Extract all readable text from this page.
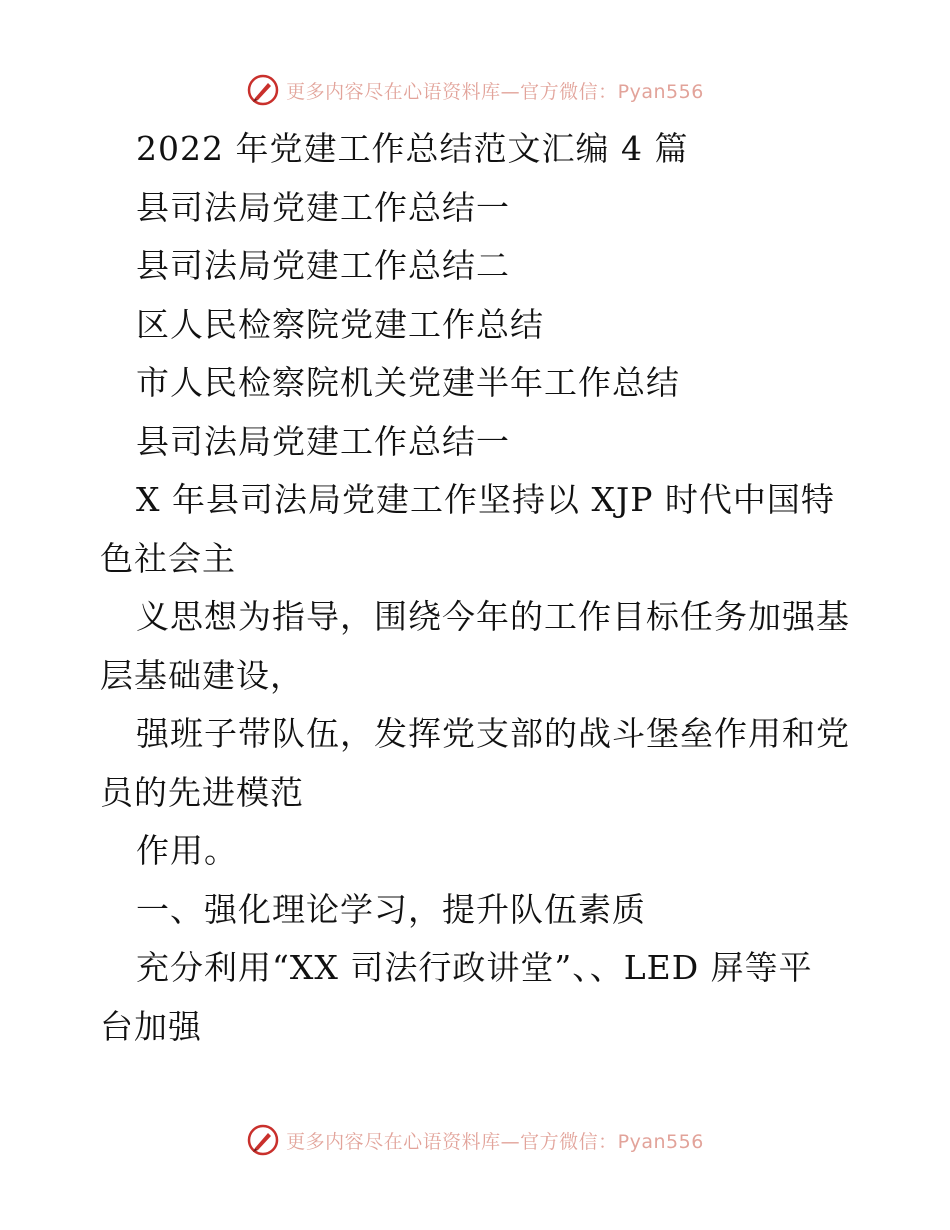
更多内容尽在心语资料库—官方微信：Pyan556
2022 年党建工作总结范文汇编 4 篇
县司法局党建工作总结一
县司法局党建工作总结二
区人民检察院党建工作总结
市人民检察院机关党建半年工作总结
县司法局党建工作总结一
X 年县司法局党建工作坚持以 XJP 时代中国特
色社会主
义思想为指导，围绕今年的工作目标任务加强基
层基础建设，
强班子带队伍，发挥党支部的战斗堡垒作用和党
员的先进模范
作用。
一、强化理论学习，提升队伍素质
充分利用“XX 司法行政讲堂”、、LED 屏等平
台加强
更多内容尽在心语资料库—官方微信：Pyan556
